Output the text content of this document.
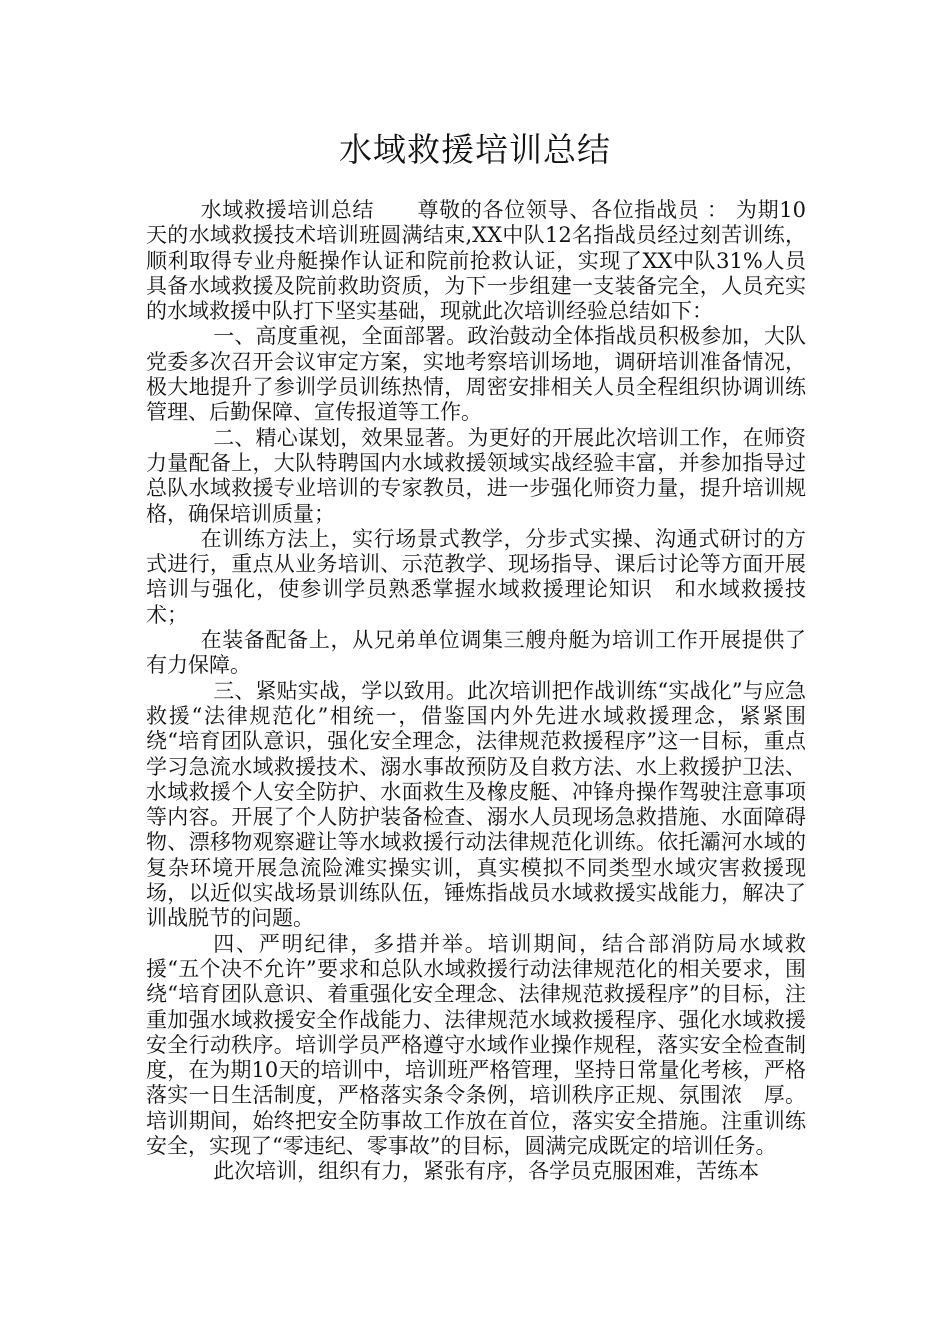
水域救援培训总结

水域救援培训总结　　尊敬的各位领导、各位指战员 ： 为期10天的水域救援技术培训班圆满结束,XX中队12名指战员经过刻苦训练，顺利取得专业舟艇操作认证和院前抢救认证，实现了XX中队31%人员具备水域救援及院前救助资质，为下一步组建一支装备完全，人员充实的水域救援中队打下坚实基础，现就此次培训经验总结如下：

一、高度重视，全面部署。政治鼓动全体指战员积极参加，大队党委多次召开会议审定方案，实地考察培训场地，调研培训准备情况，极大地提升了参训学员训练热情，周密安排相关人员全程组织协调训练管理、后勤保障、宣传报道等工作。

二、精心谋划，效果显著。为更好的开展此次培训工作，在师资力量配备上，大队特聘国内水域救援领域实战经验丰富，并参加指导过总队水域救援专业培训的专家教员，进一步强化师资力量，提升培训规格，确保培训质量；

在训练方法上，实行场景式教学，分步式实操、沟通式研讨的方式进行，重点从业务培训、示范教学、现场指导、课后讨论等方面开展培训与强化，使参训学员熟悉掌握水域救援理论知识　和水域救援技术；

在装备配备上，从兄弟单位调集三艘舟艇为培训工作开展提供了有力保障。

三、紧贴实战，学以致用。此次培训把作战训练“实战化”与应急救援“法律规范化”相统一，借鉴国内外先进水域救援理念，紧紧围绕“培育团队意识，强化安全理念，法律规范救援程序”这一目标，重点学习急流水域救援技术、溺水事故预防及自救方法、水上救援护卫法、水域救援个人安全防护、水面救生及橡皮艇、冲锋舟操作驾驶注意事项等内容。开展了个人防护装备检查、溺水人员现场急救措施、水面障碍物、漂移物观察避让等水域救援行动法律规范化训练。依托灞河水域的复杂环境开展急流险滩实操实训，真实模拟不同类型水域灾害救援现场，以近似实战场景训练队伍，锤炼指战员水域救援实战能力，解决了训战脱节的问题。

四、严明纪律，多措并举。培训期间，结合部消防局水域救援“五个决不允许”要求和总队水域救援行动法律规范化的相关要求，围绕“培育团队意识、着重强化安全理念、法律规范救援程序”的目标，注重加强水域救援安全作战能力、法律规范水域救援程序、强化水域救援安全行动秩序。培训学员严格遵守水域作业操作规程，落实安全检查制度，在为期10天的培训中，培训班严格管理，坚持日常量化考核，严格落实一日生活制度，严格落实条令条例，培训秩序正规、氛围浓　厚。培训期间，始终把安全防事故工作放在首位，落实安全措施。注重训练安全，实现了“零违纪、零事故”的目标，圆满完成既定的培训任务。

此次培训，组织有力，紧张有序，各学员克服困难，苦练本
